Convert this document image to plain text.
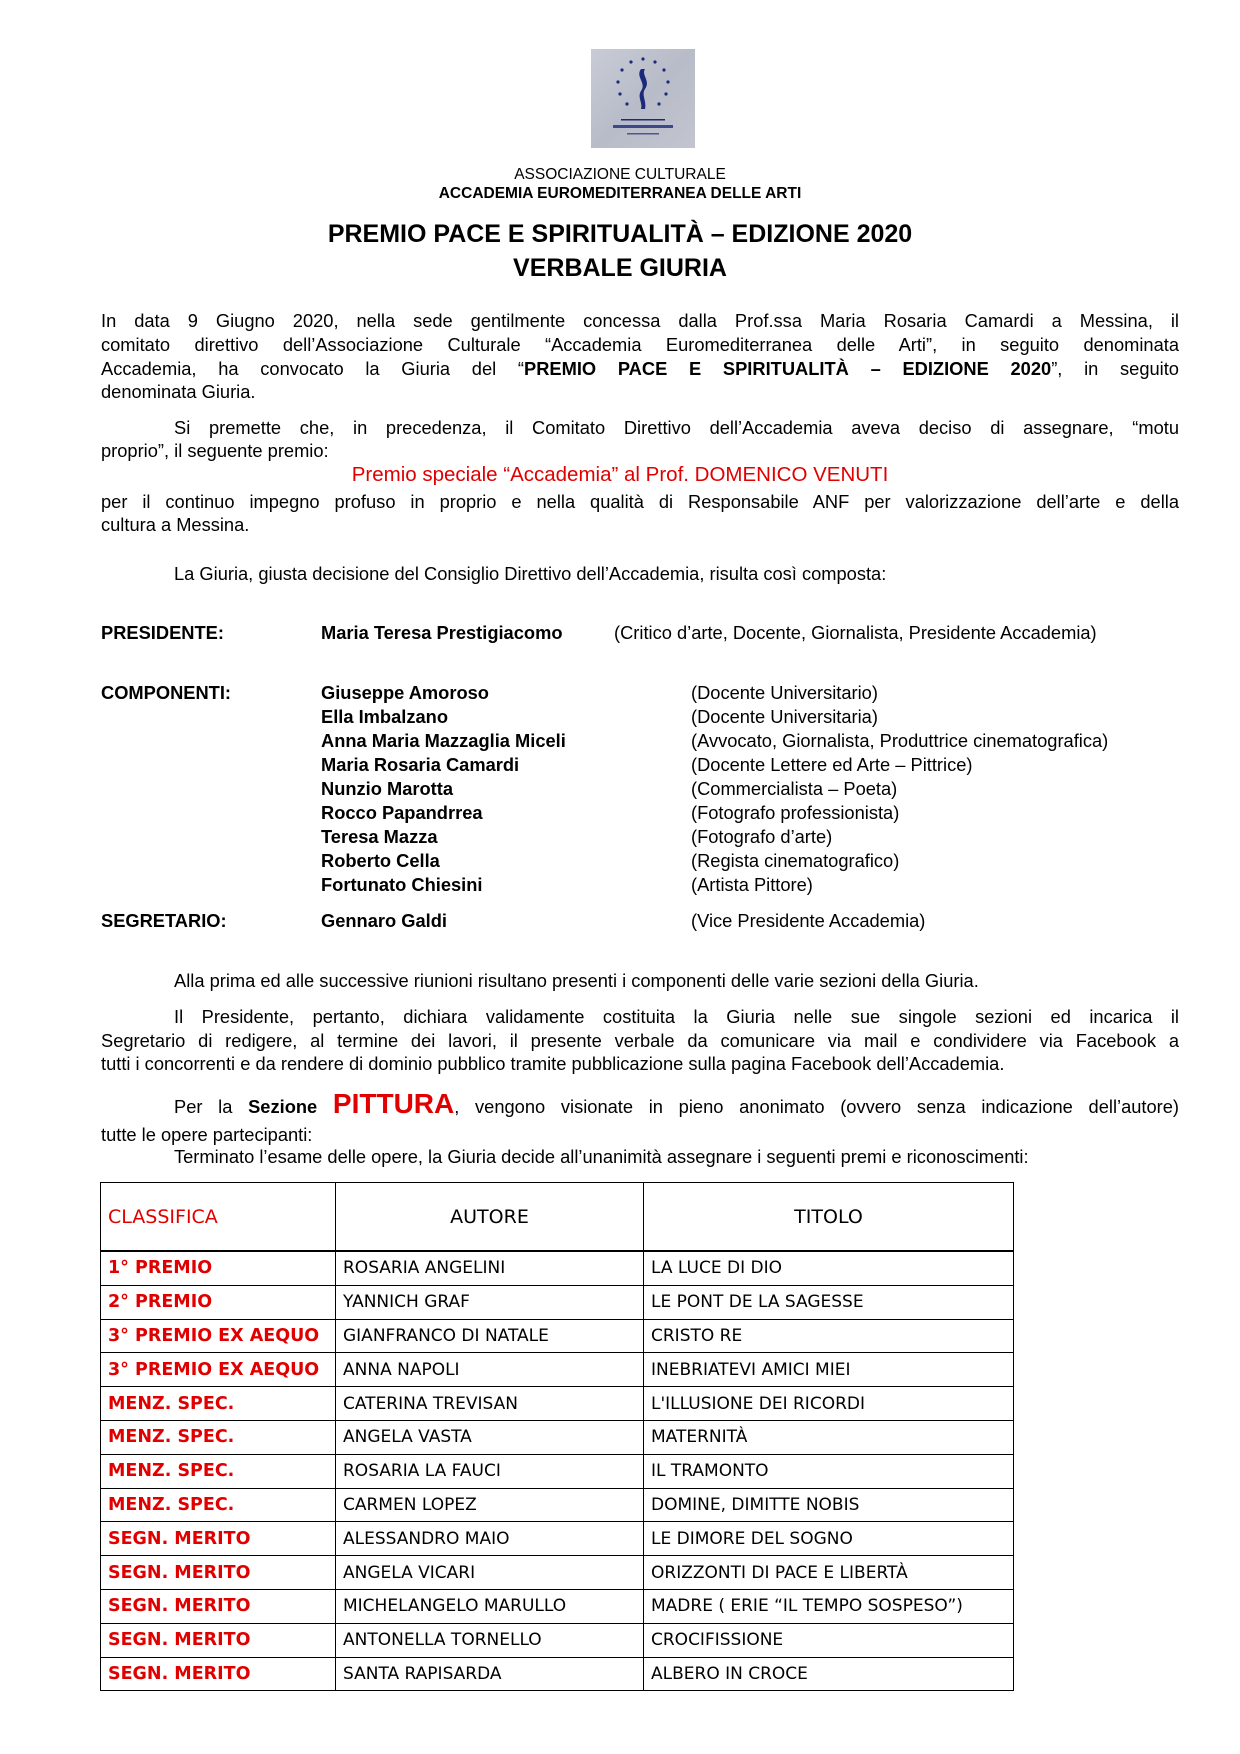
ASSOCIAZIONE CULTURALE
ACCADEMIA EUROMEDITERRANEA DELLE ARTI
PREMIO PACE E SPIRITUALITÀ – EDIZIONE 2020
VERBALE GIURIA
In data 9 Giugno 2020, nella sede gentilmente concessa dalla Prof.ssa Maria Rosaria Camardi a Messina, il
comitato direttivo dell’Associazione Culturale “Accademia Euromediterranea delle Arti”, in seguito denominata
Accademia, ha convocato la Giuria del “PREMIO PACE E SPIRITUALITÀ – EDIZIONE 2020”, in seguito
denominata Giuria.
Si premette che, in precedenza, il Comitato Direttivo dell’Accademia aveva deciso di assegnare, “motu
proprio”, il seguente premio:
Premio speciale “Accademia” al Prof. DOMENICO VENUTI
per il continuo impegno profuso in proprio e nella qualità di Responsabile ANF per valorizzazione dell’arte e della
cultura a Messina.
La Giuria, giusta decisione del Consiglio Direttivo dell’Accademia, risulta così composta:
PRESIDENTE:	Maria Teresa Prestigiacomo	(Critico d’arte, Docente, Giornalista, Presidente Accademia)
COMPONENTI:	Giuseppe Amoroso	(Docente Universitario)
Ella Imbalzano	(Docente Universitaria)
Anna Maria Mazzaglia Miceli	(Avvocato, Giornalista, Produttrice cinematografica)
Maria Rosaria Camardi	(Docente Lettere ed Arte – Pittrice)
Nunzio Marotta	(Commercialista – Poeta)
Rocco Papandrrea	(Fotografo professionista)
Teresa Mazza	(Fotografo d’arte)
Roberto Cella	(Regista cinematografico)
Fortunato Chiesini	(Artista Pittore)
SEGRETARIO:	Gennaro Galdi	(Vice Presidente Accademia)
Alla prima ed alle successive riunioni risultano presenti i componenti delle varie sezioni della Giuria.
Il Presidente, pertanto, dichiara validamente costituita la Giuria nelle sue singole sezioni ed incarica il
Segretario di redigere, al termine dei lavori, il presente verbale da comunicare via mail e condividere via Facebook a
tutti i concorrenti e da rendere di dominio pubblico tramite pubblicazione sulla pagina Facebook dell’Accademia.
Per la Sezione PITTURA, vengono visionate in pieno anonimato (ovvero senza indicazione dell’autore)
tutte le opere partecipanti:
Terminato l’esame delle opere, la Giuria decide all’unanimità assegnare i seguenti premi e riconoscimenti:
CLASSIFICA	AUTORE	TITOLO
1° PREMIO	ROSARIA ANGELINI	LA LUCE DI DIO
2° PREMIO	YANNICH GRAF	LE PONT DE LA SAGESSE
3° PREMIO EX AEQUO	GIANFRANCO DI NATALE	CRISTO RE
3° PREMIO EX AEQUO	ANNA NAPOLI	INEBRIATEVI AMICI MIEI
MENZ. SPEC.	CATERINA TREVISAN	L'ILLUSIONE DEI RICORDI
MENZ. SPEC.	ANGELA VASTA	MATERNITÀ
MENZ. SPEC.	ROSARIA LA FAUCI	IL TRAMONTO
MENZ. SPEC.	CARMEN LOPEZ	DOMINE, DIMITTE NOBIS
SEGN. MERITO	ALESSANDRO MAIO	LE DIMORE DEL SOGNO
SEGN. MERITO	ANGELA VICARI	ORIZZONTI DI PACE E LIBERTÀ
SEGN. MERITO	MICHELANGELO MARULLO	MADRE ( ERIE “IL TEMPO SOSPESO”)
SEGN. MERITO	ANTONELLA TORNELLO	CROCIFISSIONE
SEGN. MERITO	SANTA RAPISARDA	ALBERO IN CROCE
